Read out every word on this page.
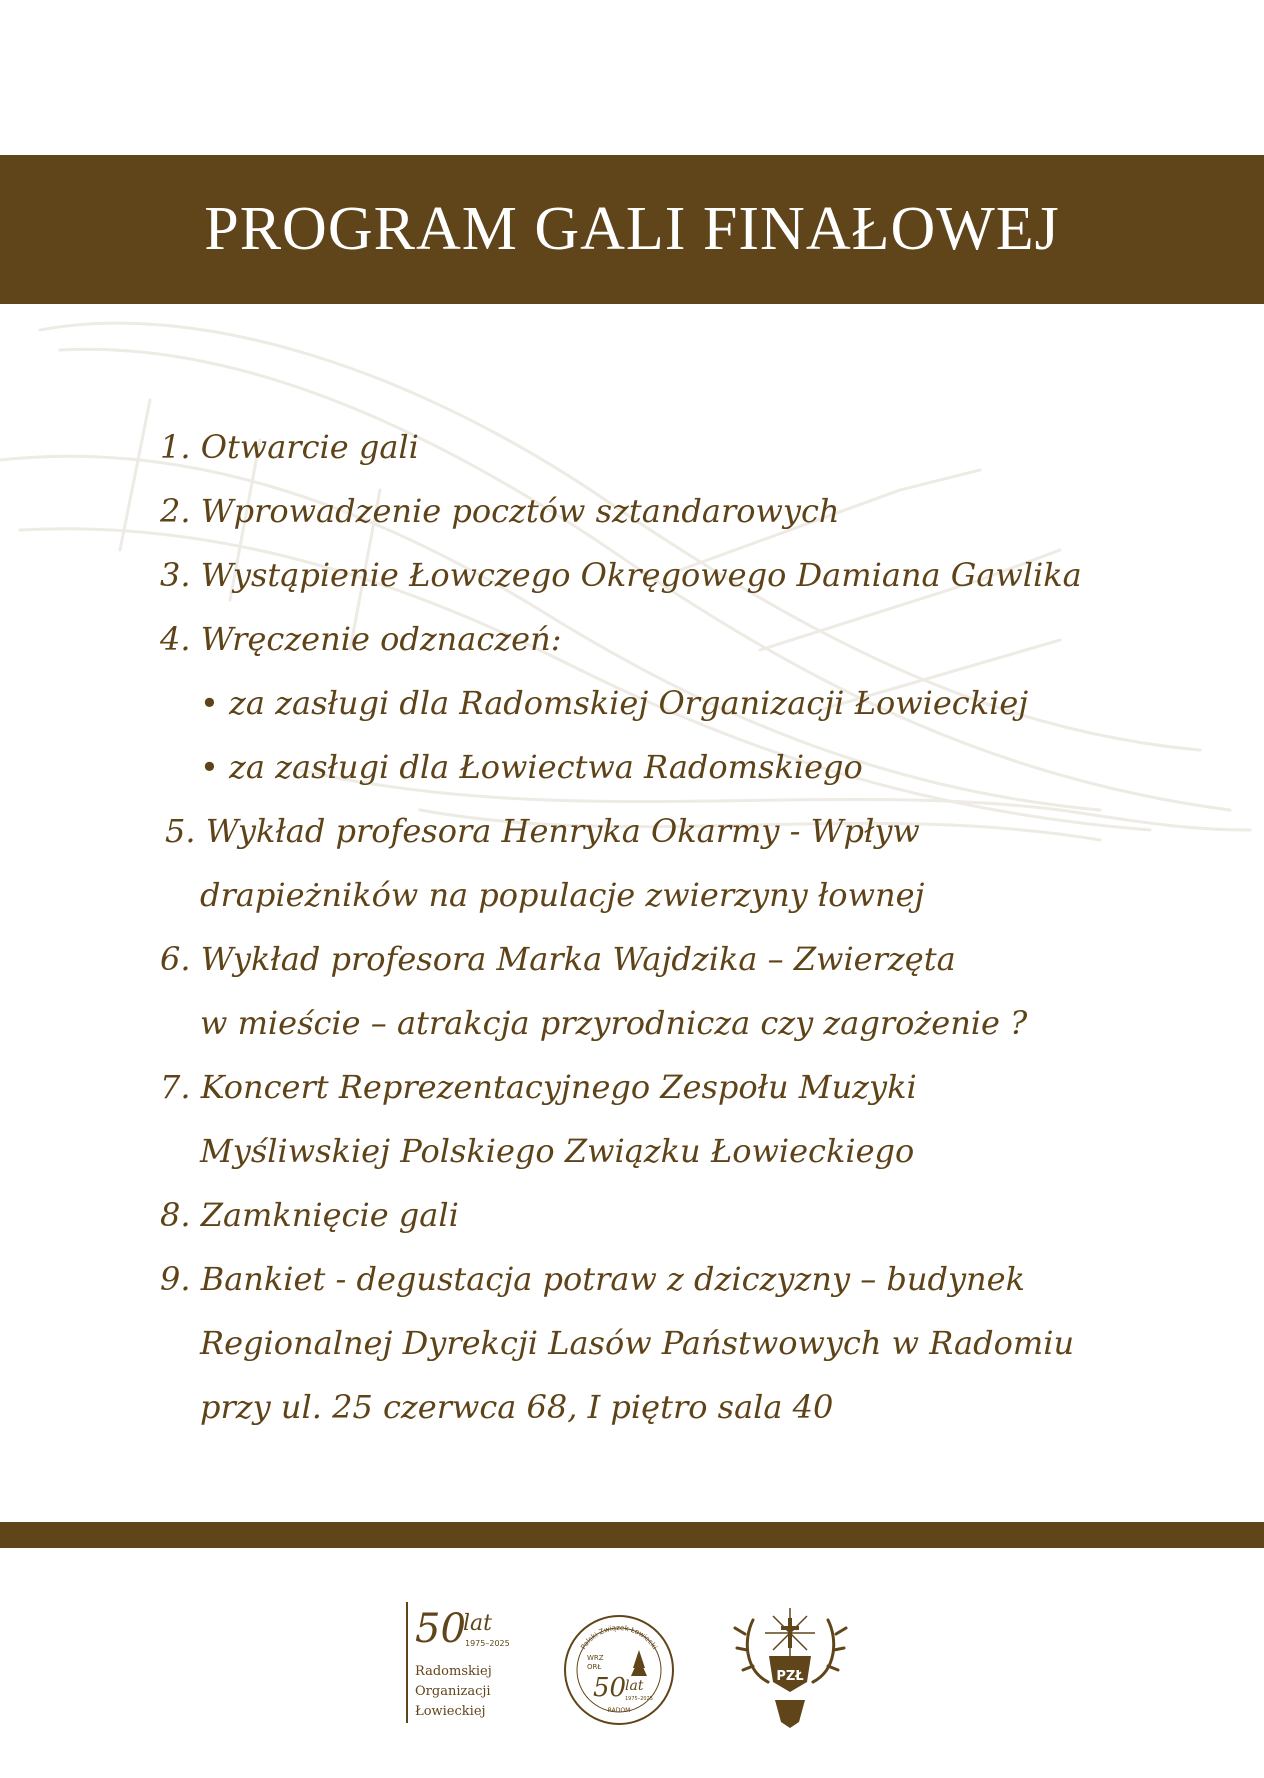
PROGRAM GALI FINAŁOWEJ
1. Otwarcie gali
2. Wprowadzenie pocztów sztandarowych
3. Wystąpienie Łowczego Okręgowego Damiana Gawlika
4. Wręczenie odznaczeń:
• za zasługi dla Radomskiej Organizacji Łowieckiej
• za zasługi dla Łowiectwa Radomskiego
5. Wykład profesora Henryka Okarmy - Wpływ
drapieżników na populacje zwierzyny łownej
6. Wykład profesora Marka Wajdzika – Zwierzęta
w mieście – atrakcja przyrodnicza czy zagrożenie ?
7. Koncert Reprezentacyjnego Zespołu Muzyki
Myśliwskiej Polskiego Związku Łowieckiego
8. Zamknięcie gali
9. Bankiet - degustacja potraw z dziczyzny – budynek
Regionalnej Dyrekcji Lasów Państwowych w Radomiu
przy ul. 25 czerwca 68, I piętro sala 40
50
lat
1975–2025
Radomskiej
Organizacji
Łowieckiej
Polski Związek Łowiecki
WRZ
ORŁ
50
lat
1975–2025
RADOM
PZŁ
